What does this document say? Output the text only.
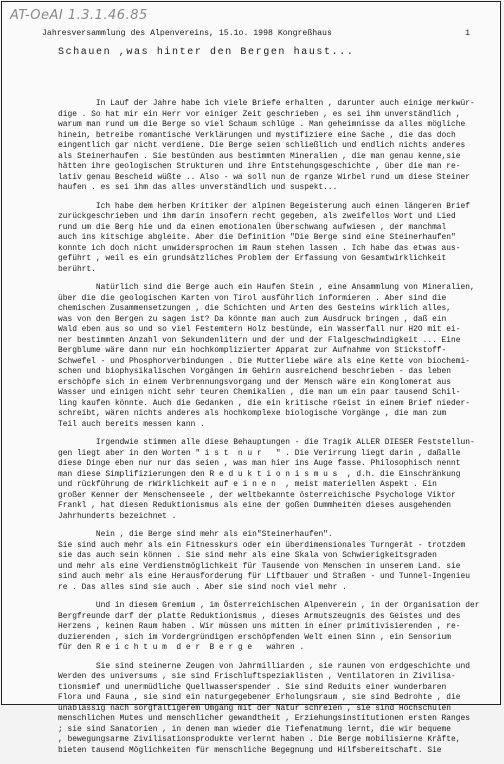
AT-OeAI 1.3.1.46.85
Jahresversammlung des Alpenvereins, 15.1o. 1998 Kongreßhaus	1
Schauen ,was hinter den Bergen haust...

In Lauf der Jahre habe ich viele Briefe erhalten , darunter auch einige merkwür-
dige . So hat mir ein Herr vor einiger Zeit geschrieben , es sei ihm unverständlich ,
warum man rund um die Berge so viel Schaum schlüge . Man geheimnisse da alles mögliche
hinein, betreibe romantische Verklärungen und mystifiziere eine Sache , die das doch
eingentlich gar nicht verdiene. Die Berge seien schließlich und endlich nichts anderes
als Steinerhaufen . Sie bestünden aus bestimmten Mineralien , die man genau kenne,sie
hätten ihre geologischen Strukturen und ihre Entstehungsgeschichte , über die man re-
lativ genau Bescheid wüßte .. Also - wa soll nun de rganze Wirbel rund um diese Steiner
haufen . es sei ihm das alles unverständlich und suspekt...

Ich habe dem herben Kritiker der alpinen Begeisterung auch einen längeren Brief
zurückgeschrieben und ihm darin insofern recht gegeben, als zweifellos Wort und Lied
rund um die Berg hie und da einen emotionalen Überschwang aufwiesen , der manchmal
auch ins kitschige abgleite. Aber die Definition "Die Berge sind eine Steinerhaufen"
konnte ich doch nicht unwidersprochen im Raum stehen lassen . Ich habe das etwas aus-
geführt , weil es ein grundsätzliches Problem der Erfassung von Gesamtwirklichkeit
berührt.

Natürlich sind die Berge auch ein Haufen Stein , eine Ansammlung von Mineralien,
über die die geologischen Karten von Tirol ausführlich informieren . Aber sind die
chemischen Zusammensetzungen , die Schichten und Arten des Gesteins wirklich alles,
was von den Bergen zu sagen ist? Da könnte man auch zum Ausdruck bringen , daß ein
Wald eben aus so und so viel Festemtern Holz bestünde, ein Wasserfall nur H2O mit ei-
ner bestimmten Anzahl von Sekundenlitern und der und der Flalgeschwindigkeit ... Eine
Bergblume wäre dann nur ein hochkomplizierter Apparat zur Aufnahme von Stickstoff-
Schwefel - und Phosphorverbindungen . Die Mutterliebe wäre als eine Kette von biochemi-
schen und biophysikalischen Vorgängen im Gehirn ausreichend beschrieben - das leben
erschöpfe sich in einem Verbrennungsvorgang und der Mensch wäre ein Konglomerat aus
Wasser und einigen nicht sehr teuren Chemikalien , die man um ein paar tausend Schil-
ling kaufen könnte. Auch die Gedanken , die ein kritische rGeist in einem Brief nieder-
schreibt, wären nichts anderes als hochkomplexe biologische Vorgänge , die man zum
Teil auch bereits messen kann .

Irgendwie stimmen alle diese Behauptungen - die Tragik ALLER DIESER Feststellun-
gen liegt aber in den Worten " i s t  n u r   " . Die Verirrung liegt darin , daßalle
diese Dinge eben nur nur das seien , was man hier ins Auge fasse. Philosophisch nennt
man diese Simplifizierungen den R e d u k t i o n i s m u s  , d.h. die Einschränkung
und rückführung de rWirklichkeit auf e i n e n  , meist materiellen Aspekt . Ein
großer Kenner der Menschenseele , der weltbekannte österreichische Psychologe Viktor
Frankl , hat diesen Reduktionismus als eine der goßen Dummheiten dieses ausgehenden
Jahrhunderts bezeichnet .

Nein , die Berge sind mehr als ein"Steinerhaufen".
Sie sind auch mehr als ein Fitnesskurs oder ein überdimensionales Turngerät - trotzdem
sie das auch sein können . Sie sind mehr als eine Skala von Schwierigkeitsgraden
und mehr als eine Verdienstmöglichkeit für Tausende von Menschen in unserem Land. sie
sind auch mehr als eine Herausforderung für Liftbauer und Straßen - und Tunnel-Ingenieu
re . Das alles sind sie auch . Aber sie sind noch viel mehr .

Und in diesem Gremium , im Österreichischen Alpenverein , in der Organisation der
Bergfreunde darf der platte Reduktionismus , dieses Armutszeugnis des Geistes und des
Herzens , keinen Raum haben . Wir müssen uns mitten in einer primitivisierenden , re-
duzierenden , sich im Vordergründigen erschöpfenden Welt einen Sinn , ein Sensorium
für den R e i c h t u m  d e r  B e r g e   wahren .

Sie sind steinerne Zeugen von Jahrmilliarden , sie raunen von erdgeschichte und
Werden des universums , sie sind Frischluftspeziaklisten , Ventilatoren in Zivilisa-
tionsmief und unermüdliche Quellwasserspender . Sie sind Reduits einer wunderbaren
Flora und Fauna , sie sind ein naturgegebener Erholungsraum , sie sind Bedrohte , die
unablässig nach sorgfältigerem Umgang mit der Natur schreien , sie sind Hochschulen
menschlichen Mutes und menschlicher gewandtheit , Erziehungsinstitutionen ersten Ranges
; sie sind Sanatorien , in denen man wieder die Tiefenatmung lernt, die wir bequeme
, bewegungsarme Zivilisationsprodukte verlernt haben . Die Berge mobilisierne Kräfte,
bieten tausend Möglichkeiten für menschliche Begegnung und Hilfsbereitschaft. Sie
